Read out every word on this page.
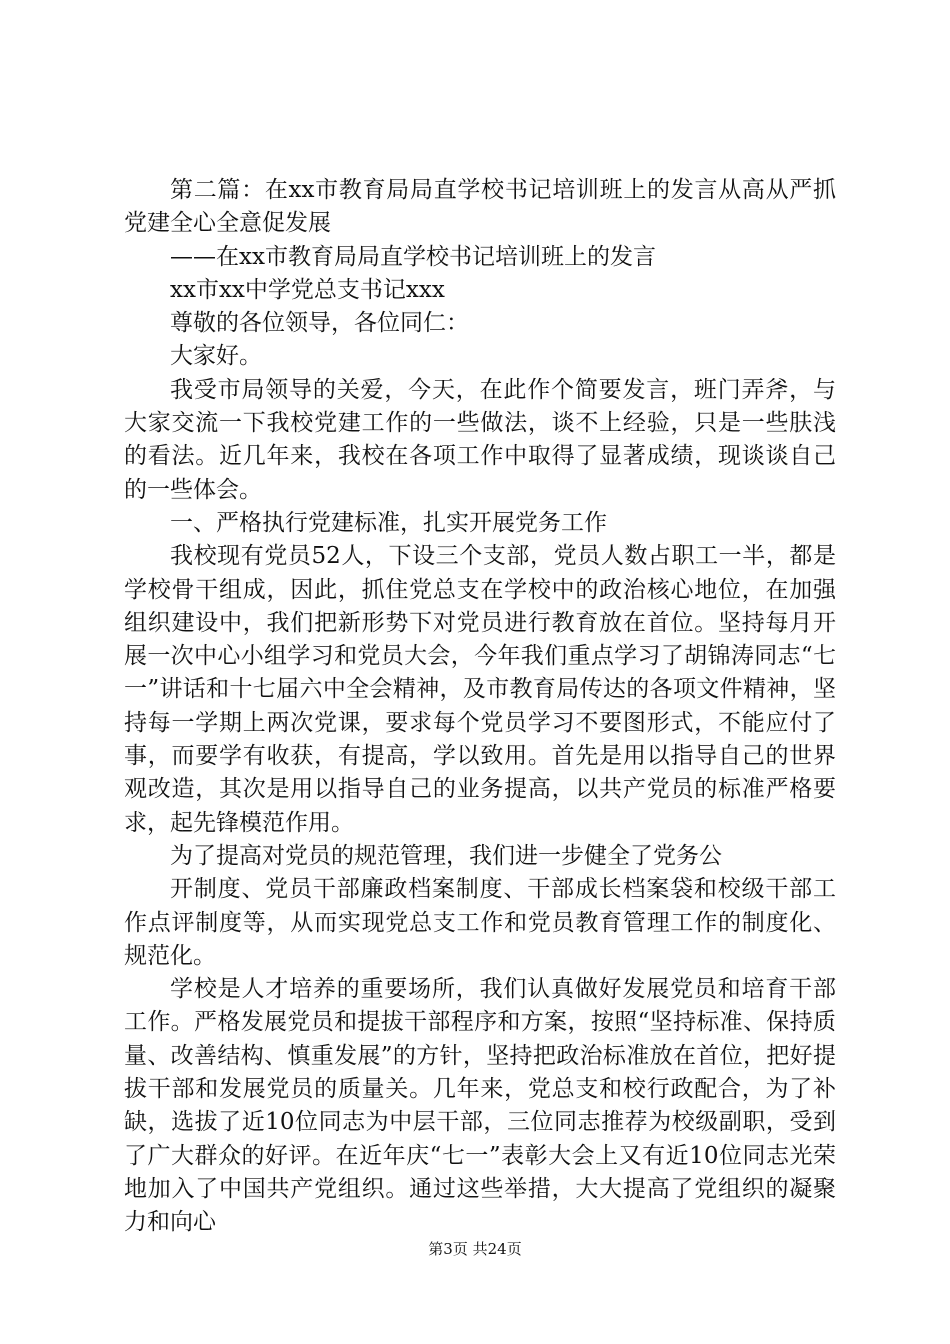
第二篇：在xx市教育局局直学校书记培训班上的发言从高从严抓党建全心全意促发展

——在xx市教育局局直学校书记培训班上的发言

xx市xx中学党总支书记xxx

尊敬的各位领导，各位同仁：

大家好。

我受市局领导的关爱，今天，在此作个简要发言，班门弄斧，与大家交流一下我校党建工作的一些做法，谈不上经验，只是一些肤浅的看法。近几年来，我校在各项工作中取得了显著成绩，现谈谈自己的一些体会。

一、严格执行党建标准，扎实开展党务工作

我校现有党员52人，下设三个支部，党员人数占职工一半，都是学校骨干组成，因此，抓住党总支在学校中的政治核心地位，在加强组织建设中，我们把新形势下对党员进行教育放在首位。坚持每月开展一次中心小组学习和党员大会，今年我们重点学习了胡锦涛同志“七一”讲话和十七届六中全会精神，及市教育局传达的各项文件精神，坚持每一学期上两次党课，要求每个党员学习不要图形式，不能应付了事，而要学有收获，有提高，学以致用。首先是用以指导自己的世界观改造，其次是用以指导自己的业务提高，以共产党员的标准严格要求，起先锋模范作用。

为了提高对党员的规范管理，我们进一步健全了党务公

开制度、党员干部廉政档案制度、干部成长档案袋和校级干部工作点评制度等，从而实现党总支工作和党员教育管理工作的制度化、规范化。

学校是人才培养的重要场所，我们认真做好发展党员和培育干部工作。严格发展党员和提拔干部程序和方案，按照“坚持标准、保持质量、改善结构、慎重发展”的方针，坚持把政治标准放在首位，把好提拔干部和发展党员的质量关。几年来，党总支和校行政配合，为了补缺，选拔了近10位同志为中层干部，三位同志推荐为校级副职，受到了广大群众的好评。在近年庆“七一”表彰大会上又有近10位同志光荣地加入了中国共产党组织。通过这些举措，大大提高了党组织的凝聚力和向心

第3页 共24页
